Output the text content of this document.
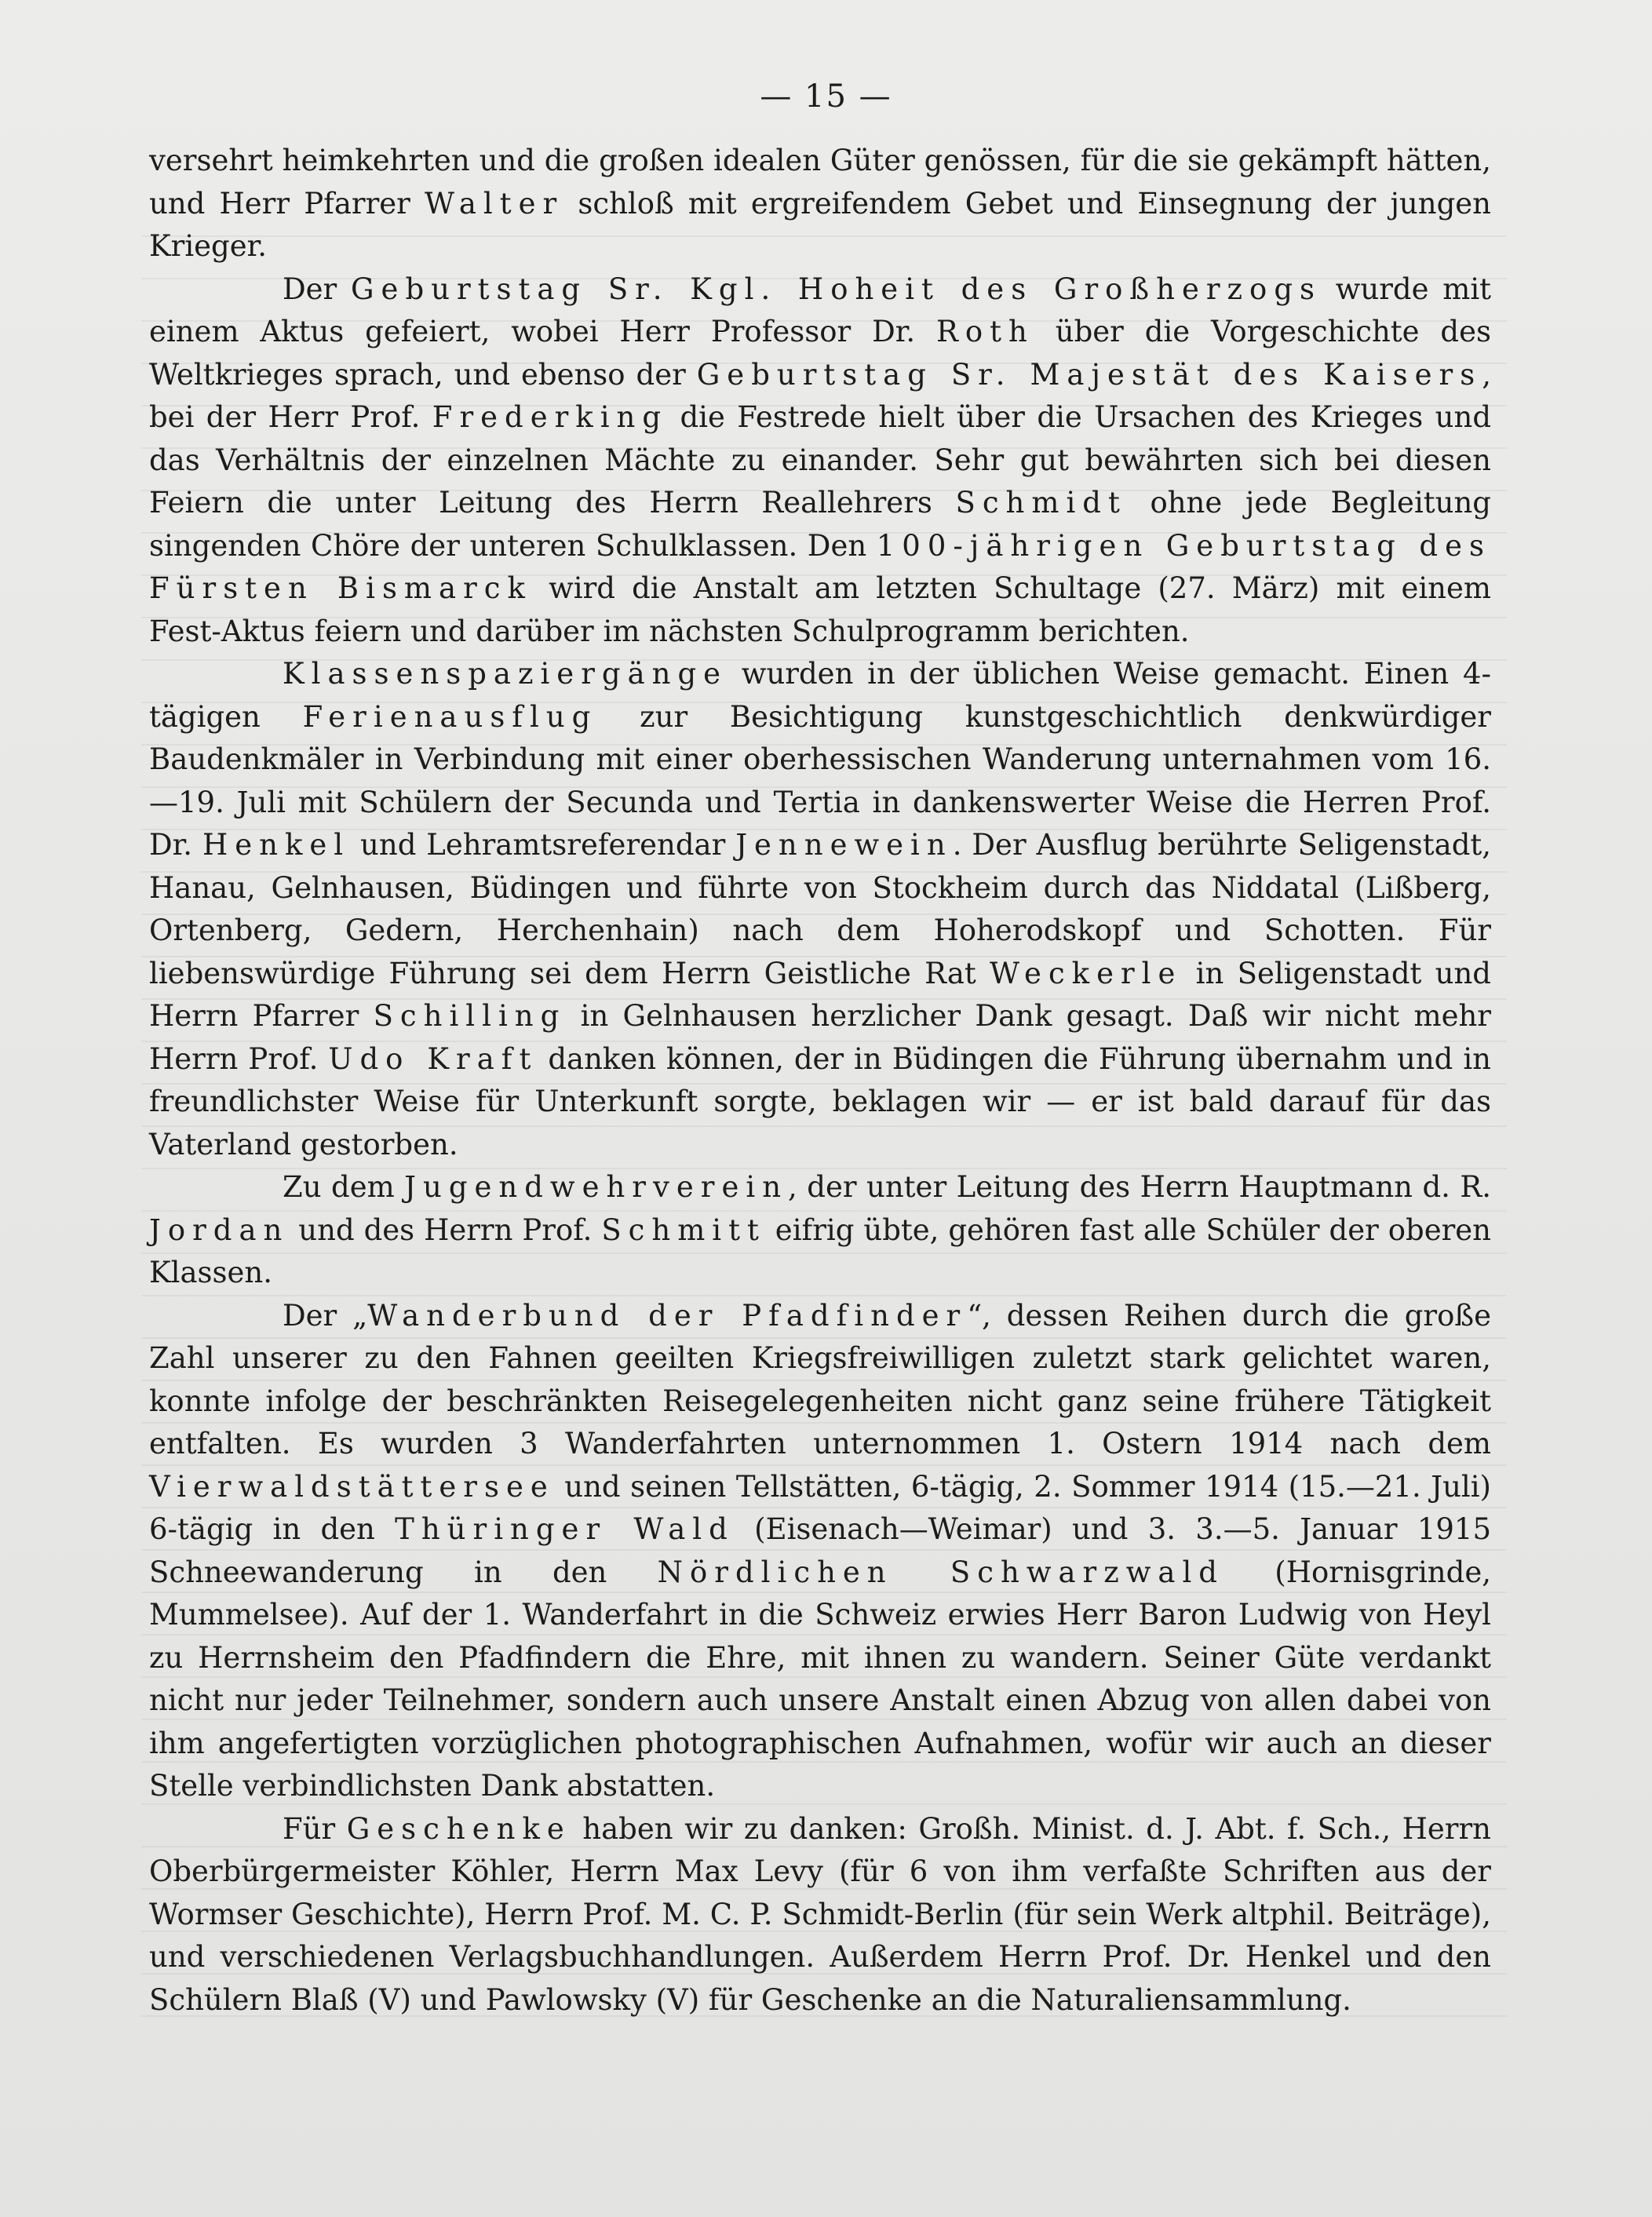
— 15 —

versehrt heimkehrten und die großen idealen Güter genössen, für die sie gekämpft hätten, und Herr Pfarrer Walter schloß mit ergreifendem Gebet und Einsegnung der jungen Krieger.

Der Geburtstag Sr. Kgl. Hoheit des Großherzogs wurde mit einem Aktus gefeiert, wobei Herr Professor Dr. Roth über die Vorgeschichte des Weltkrieges sprach, und ebenso der Geburtstag Sr. Majestät des Kaisers, bei der Herr Prof. Frederking die Festrede hielt über die Ursachen des Krieges und das Verhältnis der einzelnen Mächte zu einander. Sehr gut bewährten sich bei diesen Feiern die unter Leitung des Herrn Reallehrers Schmidt ohne jede Begleitung singenden Chöre der unteren Schulklassen. Den 100-jährigen Geburtstag des Fürsten Bismarck wird die Anstalt am letzten Schultage (27. März) mit einem Fest-Aktus feiern und darüber im nächsten Schulprogramm berichten.

Klassenspaziergänge wurden in der üblichen Weise gemacht. Einen 4-tägigen Ferienausflug zur Besichtigung kunstgeschichtlich denkwürdiger Baudenkmäler in Verbindung mit einer oberhessischen Wanderung unternahmen vom 16.—19. Juli mit Schülern der Secunda und Tertia in dankenswerter Weise die Herren Prof. Dr. Henkel und Lehramtsreferendar Jennewein. Der Ausflug berührte Seligenstadt, Hanau, Gelnhausen, Büdingen und führte von Stockheim durch das Niddatal (Lißberg, Ortenberg, Gedern, Herchenhain) nach dem Hoherodskopf und Schotten. Für liebenswürdige Führung sei dem Herrn Geistliche Rat Weckerle in Seligenstadt und Herrn Pfarrer Schilling in Gelnhausen herzlicher Dank gesagt. Daß wir nicht mehr Herrn Prof. Udo Kraft danken können, der in Büdingen die Führung übernahm und in freundlichster Weise für Unterkunft sorgte, beklagen wir — er ist bald darauf für das Vaterland gestorben.

Zu dem Jugendwehrverein, der unter Leitung des Herrn Hauptmann d. R. Jordan und des Herrn Prof. Schmitt eifrig übte, gehören fast alle Schüler der oberen Klassen.

Der „Wanderbund der Pfadfinder“, dessen Reihen durch die große Zahl unserer zu den Fahnen geeilten Kriegsfreiwilligen zuletzt stark gelichtet waren, konnte infolge der beschränkten Reisegelegenheiten nicht ganz seine frühere Tätigkeit entfalten. Es wurden 3 Wanderfahrten unternommen 1. Ostern 1914 nach dem Vierwaldstättersee und seinen Tellstätten, 6-tägig, 2. Sommer 1914 (15.—21. Juli) 6-tägig in den Thüringer Wald (Eisenach—Weimar) und 3. 3.—5. Januar 1915 Schneewanderung in den Nördlichen Schwarzwald (Hornisgrinde, Mummelsee). Auf der 1. Wanderfahrt in die Schweiz erwies Herr Baron Ludwig von Heyl zu Herrnsheim den Pfadfindern die Ehre, mit ihnen zu wandern. Seiner Güte verdankt nicht nur jeder Teilnehmer, sondern auch unsere Anstalt einen Abzug von allen dabei von ihm angefertigten vorzüglichen photographischen Aufnahmen, wofür wir auch an dieser Stelle verbindlichsten Dank abstatten.

Für Geschenke haben wir zu danken: Großh. Minist. d. J. Abt. f. Sch., Herrn Oberbürgermeister Köhler, Herrn Max Levy (für 6 von ihm verfaßte Schriften aus der Wormser Geschichte), Herrn Prof. M. C. P. Schmidt-Berlin (für sein Werk altphil. Beiträge), und verschiedenen Verlagsbuchhandlungen. Außerdem Herrn Prof. Dr. Henkel und den Schülern Blaß (V) und Pawlowsky (V) für Geschenke an die Naturaliensammlung.
